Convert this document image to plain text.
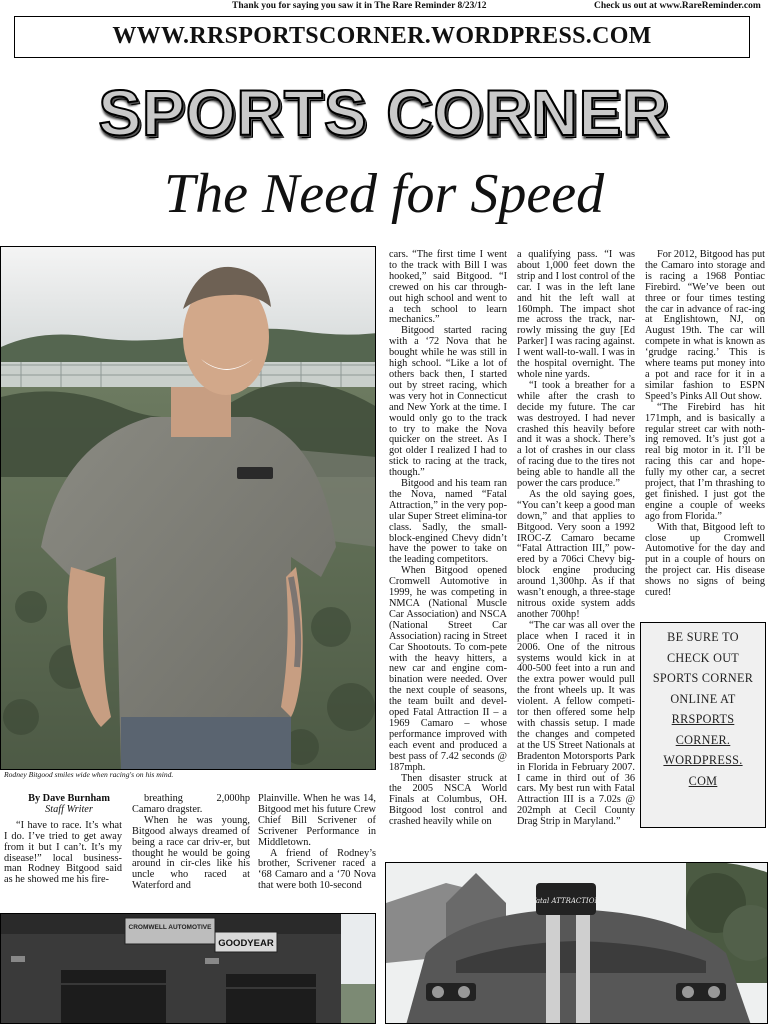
Thank you for saying you saw it in The Rare Reminder 8/23/12	Check us out at www.RareReminder.com
WWW.RRSPORTSCORNER.WORDPRESS.COM
SPORTS CORNER
The Need for Speed
Rodney Bitgood smiles wide when racing's on his mind.

By Dave Burnham

Staff Writer

“I have to race. It’s what I do. I’ve tried to get away from it but I can’t. It’s my disease!” local business-man Rodney Bitgood said as he showed me his fire-

breathing 2,000hp Camaro dragster.

When he was young, Bitgood always dreamed of being a race car driv-er, but thought he would be going around in cir-cles like his uncle who raced at Waterford and

Plainville. When he was 14, Bitgood met his future Crew Chief Bill Scrivener of Scrivener Performance in Middletown.

A friend of Rodney’s brother, Scrivener raced a ‘68 Camaro and a ‘70 Nova that were both 10-second

cars. “The first time I went to the track with Bill I was hooked,” said Bitgood. “I crewed on his car through-out high school and went to a tech school to learn mechanics.”

Bitgood started racing with a ‘72 Nova that he bought while he was still in high school. “Like a lot of others back then, I started out by street racing, which was very hot in Connecticut and New York at the time. I would only go to the track to try to make the Nova quicker on the street. As I got older I realized I had to stick to racing at the track, though.”

Bitgood and his team ran the Nova, named “Fatal Attraction,” in the very pop-ular Super Street elimina-tor class. Sadly, the small-block-engined Chevy didn’t have the power to take on the leading competitors.

When Bitgood opened Cromwell Automotive in 1999, he was competing in NMCA (National Muscle Car Association) and NSCA (National Street Car Association) racing in Street Car Shootouts. To com-pete with the heavy hitters, a new car and engine com-bination were needed. Over the next couple of seasons, the team built and devel-oped Fatal Attraction II – a 1969 Camaro – whose performance improved with each event and produced a best pass of 7.42 seconds @ 187mph.

Then disaster struck at the 2005 NSCA World Finals at Columbus, OH. Bitgood lost control and crashed heavily while on

a qualifying pass. “I was about 1,000 feet down the strip and I lost control of the car. I was in the left lane and hit the left wall at 160mph. The impact shot me across the track, nar-rowly missing the guy [Ed Parker] I was racing against. I went wall-to-wall. I was in the hospital overnight. The whole nine yards.

“I took a breather for a while after the crash to decide my future. The car was destroyed. I had never crashed this heavily before and it was a shock. There’s a lot of crashes in our class of racing due to the tires not being able to handle all the power the cars produce.”

As the old saying goes, “You can’t keep a good man down,” and that applies to Bitgood. Very soon a 1992 IROC-Z Camaro became “Fatal Attraction III,” pow-ered by a 706ci Chevy big-block engine producing around 1,300hp. As if that wasn’t enough, a three-stage nitrous oxide system adds another 700hp!

“The car was all over the place when I raced it in 2006. One of the nitrous systems would kick in at 400-500 feet into a run and the extra power would pull the front wheels up. It was violent. A fellow competi-tor then offered some help with chassis setup. I made the changes and competed at the US Street Nationals at Bradenton Motorsports Park in Florida in February 2007. I came in third out of 36 cars. My best run with Fatal Attraction III is a 7.02s @ 202mph at Cecil County Drag Strip in Maryland.”

For 2012, Bitgood has put the Camaro into storage and is racing a 1968 Pontiac Firebird. “We’ve been out three or four times testing the car in advance of rac-ing at Englishtown, NJ, on August 19th. The car will compete in what is known as ‘grudge racing.’ This is where teams put money into a pot and race for it in a similar fashion to ESPN Speed’s Pinks All Out show.

“The Firebird has hit 171mph, and is basically a regular street car with noth-ing removed. It’s just got a real big motor in it. I’ll be racing this car and hope-fully my other car, a secret project, that I’m thrashing to get finished. I just got the engine a couple of weeks ago from Florida.”

With that, Bitgood left to close up Cromwell Automotive for the day and put in a couple of hours on the project car. His disease shows no signs of being cured!

BE SURE TO
CHECK OUT
SPORTS CORNER
ONLINE AT
RRSPORTS
CORNER.
WORDPRESS.
COM
CROMWELL AUTOMOTIVE
GOODYEAR
Fatal ATTRACTION
